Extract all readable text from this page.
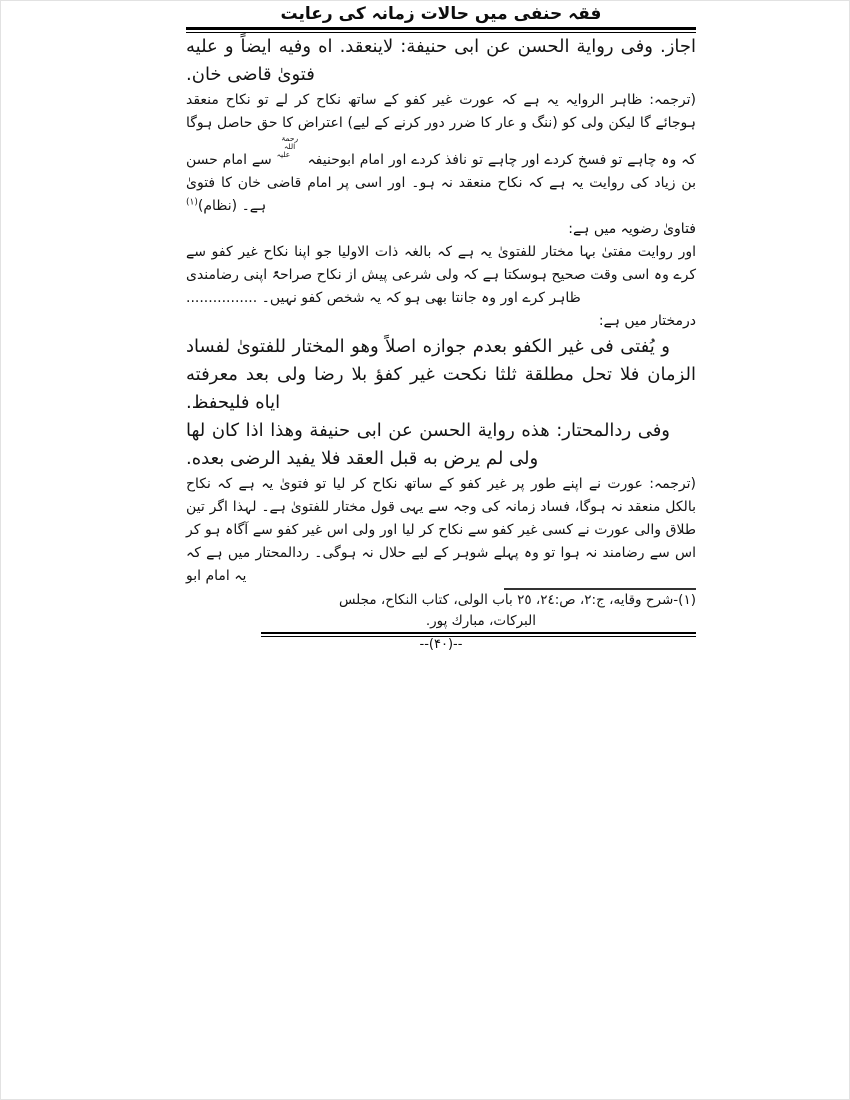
فقہ حنفی میں حالات زمانہ کی رعایت

اجاز. وفى رواية الحسن عن ابى حنيفة: لاينعقد. اه وفيه ايضاً و عليه فتوىٰ قاضى خان.

(ترجمہ: ظاہر الروایہ یہ ہے کہ عورت غیر کفو کے ساتھ نکاح کر لے تو نکاح منعقد ہوجائے گا لیکن ولی کو (ننگ و عار کا ضرر دور کرنے کے لیے) اعتراض کا حق حاصل ہوگا کہ وہ چاہے تو فسخ کردے اور چاہے تو نافذ کردے اور امام ابوحنیفہ رحمۃ اللہ علیہ سے امام حسن بن زیاد کی روایت یہ ہے کہ نکاح منعقد نہ ہو۔ اور اسی پر امام قاضی خان کا فتویٰ ہے۔ (نظام)$^{(١)}$

فتاویٰ رضویہ میں ہے:

اور روایت مفتیٰ بہا مختار للفتویٰ یہ ہے کہ بالغہ ذات الاولیا جو اپنا نکاح غیر کفو سے کرے وہ اسی وقت صحیح ہوسکتا ہے کہ ولی شرعی پیش از نکاح صراحۃً اپنی رضامندی ظاہر کرے اور وہ جانتا بھی ہو کہ یہ شخص کفو نہیں۔ ................

درمختار میں ہے:

و يُفتى فى غير الكفو بعدم جوازه اصلاً وهو المختار للفتوىٰ لفساد الزمان فلا تحل مطلقة ثلثا نكحت غير كفؤ بلا رضا ولى بعد معرفته اياه فليحفظ.

وفى ردالمحتار: هذه رواية الحسن عن ابى حنيفة وهذا اذا كان لها ولى لم يرض به قبل العقد فلا يفيد الرضى بعده.

(ترجمہ: عورت نے اپنے طور پر غیر کفو کے ساتھ نکاح کر لیا تو فتویٰ یہ ہے کہ نکاح بالکل منعقد نہ ہوگا، فساد زمانہ کی وجہ سے یہی قول مختار للفتویٰ ہے۔ لہذا اگر تین طلاق والی عورت نے کسی غیر کفو سے نکاح کر لیا اور ولی اس غیر کفو سے آگاہ ہو کر اس سے رضامند نہ ہوا تو وہ پہلے شوہر کے لیے حلال نہ ہوگی۔ ردالمحتار میں ہے کہ یہ امام ابو

(١)-شرح وقايه، ج:٢، ص:٢٤، ٢٥ باب الولى، كتاب النكاح، مجلس

البركات، مبارك پور.

--(۴۰)--
